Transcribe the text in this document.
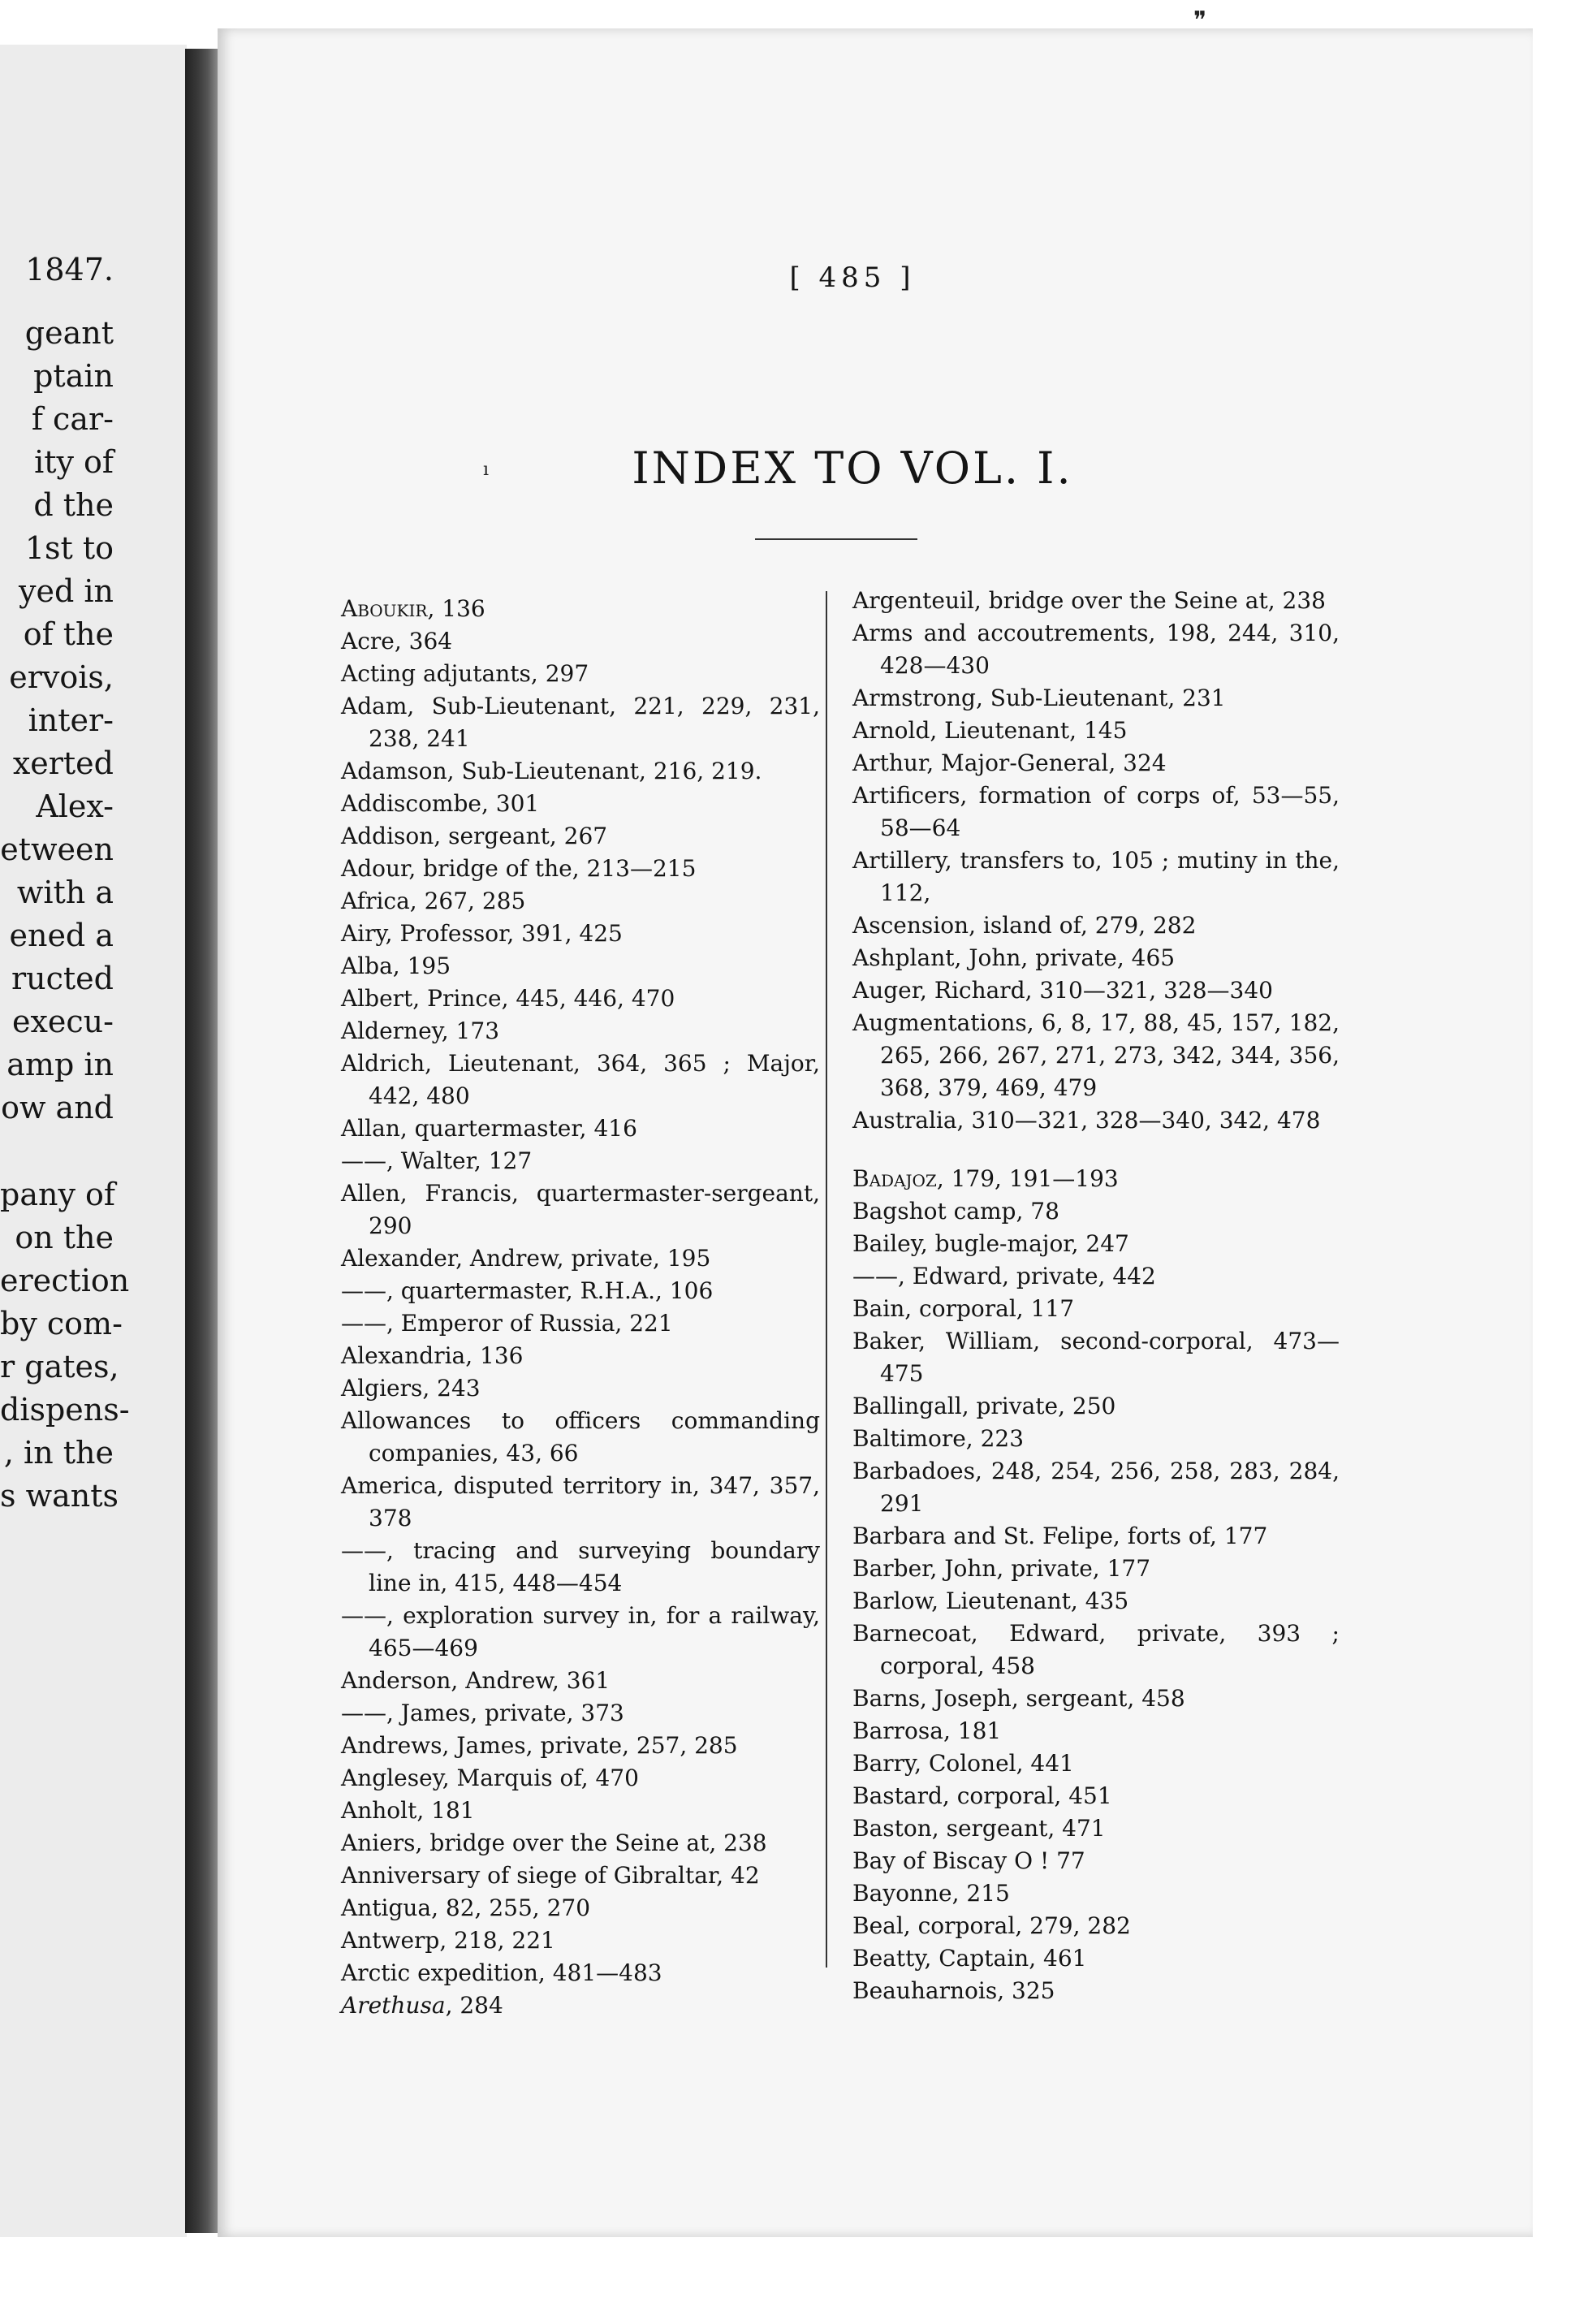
1847.
geant
ptain
f car-
ity of
d the
1st to
yed in
of the
ervois,
inter-
xerted
Alex-
etween
with a
ened a
ructed
execu-
amp in
ow and
pany of
on the
erection
by com-
r gates,
dispens-
, in the
s wants
[ 485 ]
INDEX TO VOL. I.

Aboukir, 136

Acre, 364

Acting adjutants, 297

Adam, Sub-Lieutenant, 221, 229, 231, 238, 241

Adamson, Sub-Lieutenant, 216, 219.

Addiscombe, 301

Addison, sergeant, 267

Adour, bridge of the, 213—215

Africa, 267, 285

Airy, Professor, 391, 425

Alba, 195

Albert, Prince, 445, 446, 470

Alderney, 173

Aldrich, Lieutenant, 364, 365 ; Major, 442, 480

Allan, quartermaster, 416

——, Walter, 127

Allen, Francis, quartermaster-sergeant, 290

Alexander, Andrew, private, 195

——, quartermaster, R.H.A., 106

——, Emperor of Russia, 221

Alexandria, 136

Algiers, 243

Allowances to officers commanding companies, 43, 66

America, disputed territory in, 347, 357, 378

——, tracing and surveying boundary line in, 415, 448—454

——, exploration survey in, for a railway, 465—469

Anderson, Andrew, 361

——, James, private, 373

Andrews, James, private, 257, 285

Anglesey, Marquis of, 470

Anholt, 181

Aniers, bridge over the Seine at, 238

Anniversary of siege of Gibraltar, 42

Antigua, 82, 255, 270

Antwerp, 218, 221

Arctic expedition, 481—483

Arethusa, 284

Argenteuil, bridge over the Seine at, 238

Arms and accoutrements, 198, 244, 310, 428—430

Armstrong, Sub-Lieutenant, 231

Arnold, Lieutenant, 145

Arthur, Major-General, 324

Artificers, formation of corps of, 53—55, 58—64

Artillery, transfers to, 105 ; mutiny in the, 112,

Ascension, island of, 279, 282

Ashplant, John, private, 465

Auger, Richard, 310—321, 328—340

Augmentations, 6, 8, 17, 88, 45, 157, 182, 265, 266, 267, 271, 273, 342, 344, 356, 368, 379, 469, 479

Australia, 310—321, 328—340, 342, 478

Badajoz, 179, 191—193

Bagshot camp, 78

Bailey, bugle-major, 247

——, Edward, private, 442

Bain, corporal, 117

Baker, William, second-corporal, 473—475

Ballingall, private, 250

Baltimore, 223

Barbadoes, 248, 254, 256, 258, 283, 284, 291

Barbara and St. Felipe, forts of, 177

Barber, John, private, 177

Barlow, Lieutenant, 435

Barnecoat, Edward, private, 393 ; corporal, 458

Barns, Joseph, sergeant, 458

Barrosa, 181

Barry, Colonel, 441

Bastard, corporal, 451

Baston, sergeant, 471

Bay of Biscay O ! 77

Bayonne, 215

Beal, corporal, 279, 282

Beatty, Captain, 461

Beauharnois, 325

ı
❞
